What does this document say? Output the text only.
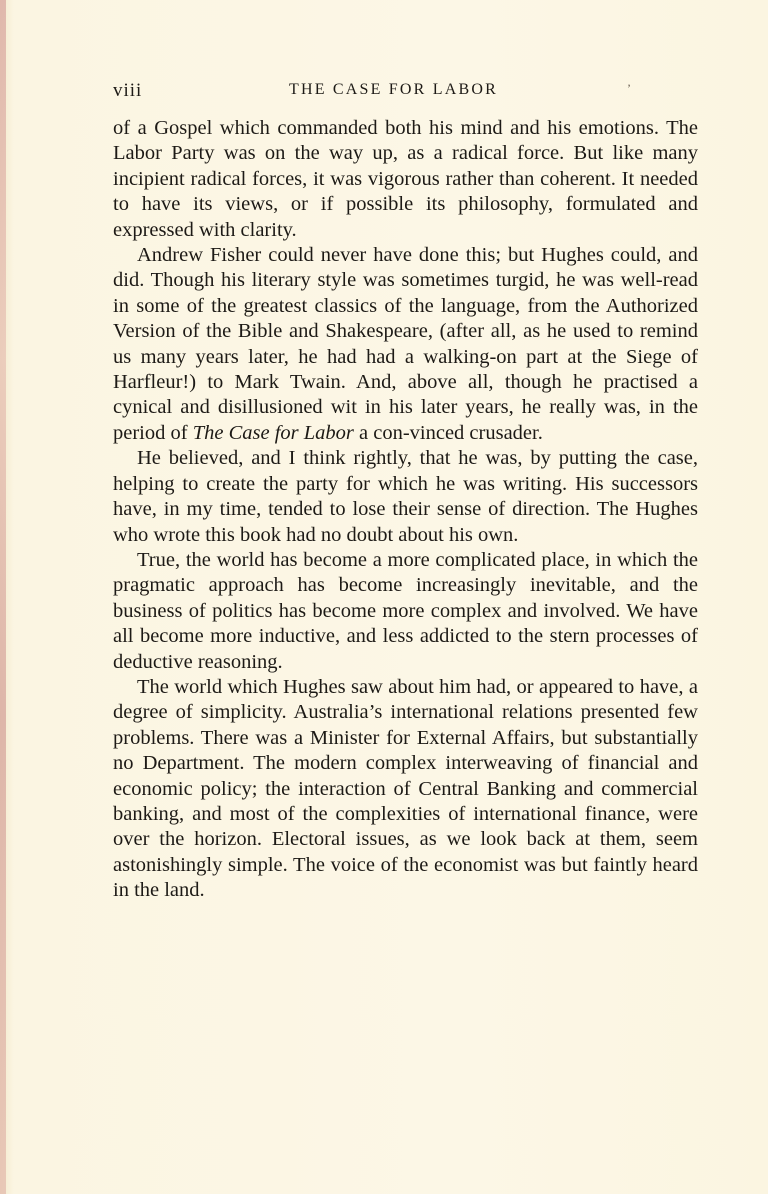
viii	THE CASE FOR LABOR	’

of a Gospel which commanded both his mind and his emotions. The Labor Party was on the way up, as a radical force. But like many incipient radical forces, it was vigorous rather than coherent. It needed to have its views, or if possible its philosophy, formulated and expressed with clarity.

Andrew Fisher could never have done this; but Hughes could, and did. Though his literary style was sometimes turgid, he was well-read in some of the greatest classics of the language, from the Authorized Version of the Bible and Shakespeare, (after all, as he used to remind us many years later, he had had a walking-on part at the Siege of Harfleur!) to Mark Twain. And, above all, though he practised a cynical and disillusioned wit in his later years, he really was, in the period of The Case for Labor a con-vinced crusader.

He believed, and I think rightly, that he was, by putting the case, helping to create the party for which he was writing. His successors have, in my time, tended to lose their sense of direction. The Hughes who wrote this book had no doubt about his own.

True, the world has become a more complicated place, in which the pragmatic approach has become increasingly inevitable, and the business of politics has become more complex and involved. We have all become more inductive, and less addicted to the stern processes of deductive reasoning.

The world which Hughes saw about him had, or appeared to have, a degree of simplicity. Australia’s international relations presented few problems. There was a Minister for External Affairs, but substantially no Department. The modern complex interweaving of financial and economic policy; the interaction of Central Banking and commercial banking, and most of the complexities of international finance, were over the horizon. Electoral issues, as we look back at them, seem astonishingly simple. The voice of the economist was but faintly heard in the land.
